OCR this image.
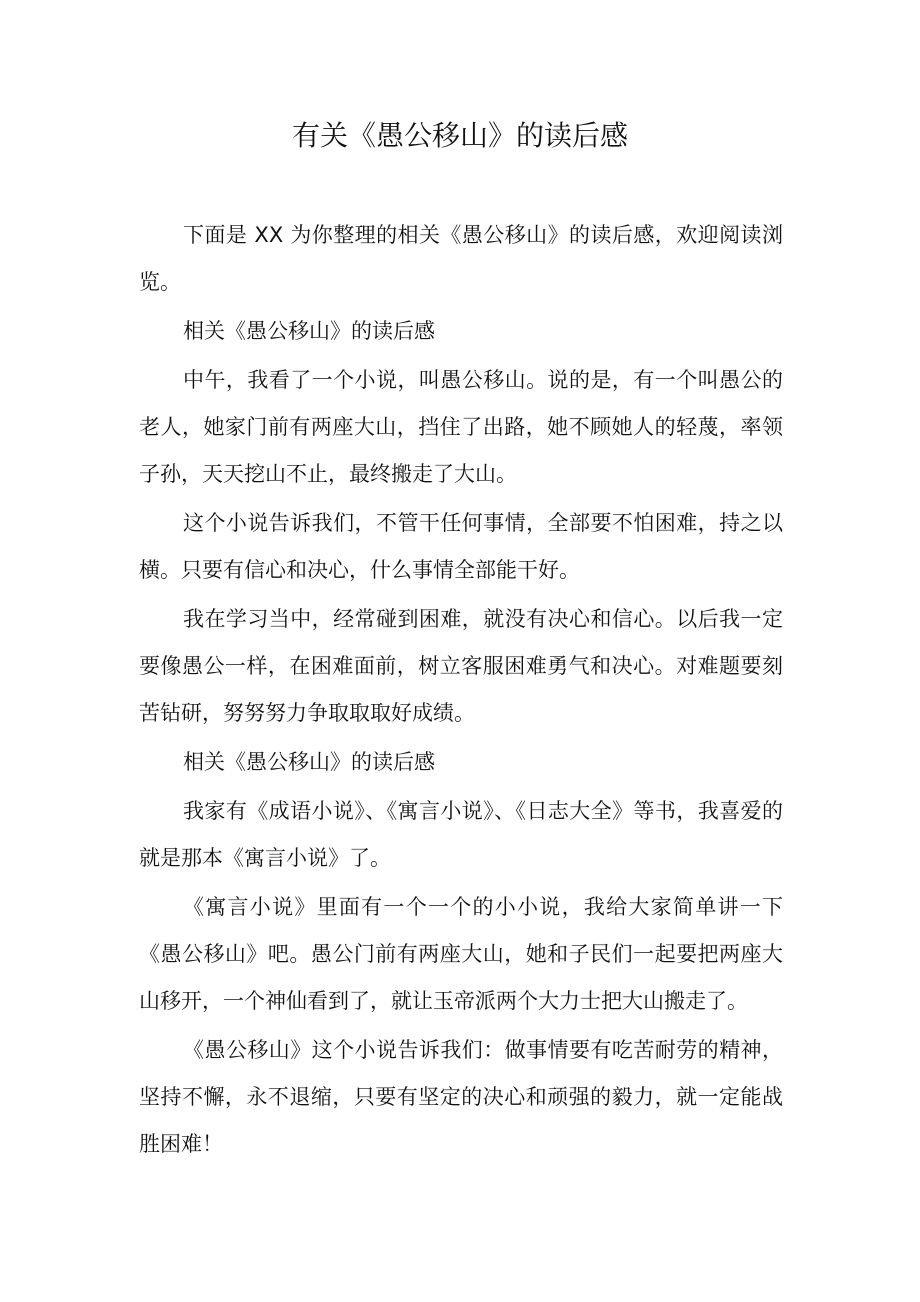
有关《愚公移山》的读后感

下面是 XX 为你整理的相关《愚公移山》的读后感，欢迎阅读浏览。

相关《愚公移山》的读后感

中午，我看了一个小说，叫愚公移山。说的是，有一个叫愚公的老人，她家门前有两座大山，挡住了出路，她不顾她人的轻蔑，率领子孙，天天挖山不止，最终搬走了大山。

这个小说告诉我们，不管干任何事情，全部要不怕困难，持之以横。只要有信心和决心，什么事情全部能干好。

我在学习当中，经常碰到困难，就没有决心和信心。以后我一定要像愚公一样，在困难面前，树立客服困难勇气和决心。对难题要刻苦钻研，努努努力争取取取好成绩。

相关《愚公移山》的读后感

我家有《成语小说》、《寓言小说》、《日志大全》等书，我喜爱的就是那本《寓言小说》了。

《寓言小说》里面有一个一个的小小说，我给大家简单讲一下《愚公移山》吧。愚公门前有两座大山，她和子民们一起要把两座大山移开，一个神仙看到了，就让玉帝派两个大力士把大山搬走了。

《愚公移山》这个小说告诉我们：做事情要有吃苦耐劳的精神，坚持不懈，永不退缩，只要有坚定的决心和顽强的毅力，就一定能战胜困难！
